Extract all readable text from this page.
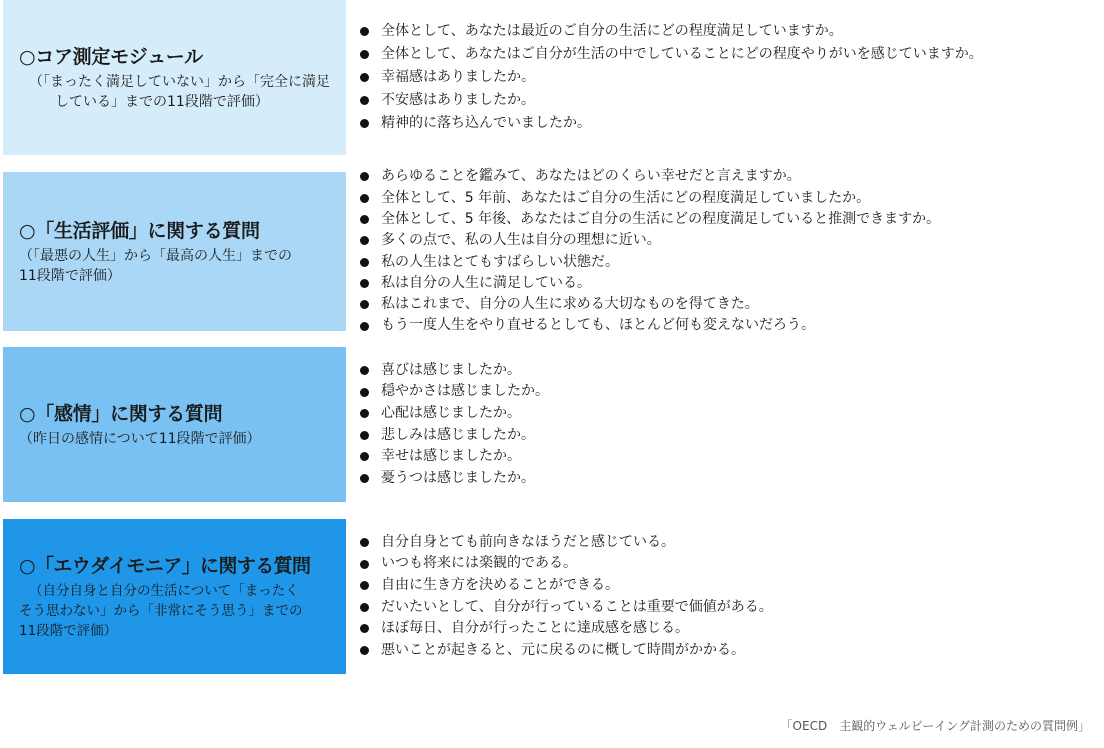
○コア測定モジュール
（「まったく満足していない」から「完全に満足
している」までの11段階で評価）
全体として、あなたは最近のご自分の生活にどの程度満足していますか。
全体として、あなたはご自分が生活の中でしていることにどの程度やりがいを感じていますか。
幸福感はありましたか。
不安感はありましたか。
精神的に落ち込んでいましたか。
○「生活評価」に関する質問
（「最悪の人生」から「最高の人生」までの
11段階で評価）
あらゆることを鑑みて、あなたはどのくらい幸せだと言えますか。
全体として、5 年前、あなたはご自分の生活にどの程度満足していましたか。
全体として、5 年後、あなたはご自分の生活にどの程度満足していると推測できますか。
多くの点で、私の人生は自分の理想に近い。
私の人生はとてもすばらしい状態だ。
私は自分の人生に満足している。
私はこれまで、自分の人生に求める大切なものを得てきた。
もう一度人生をやり直せるとしても、ほとんど何も変えないだろう。
○「感情」に関する質問
（昨日の感情について11段階で評価）
喜びは感じましたか。
穏やかさは感じましたか。
心配は感じましたか。
悲しみは感じましたか。
幸せは感じましたか。
憂うつは感じましたか。
○「エウダイモニア」に関する質問
（自分自身と自分の生活について「まったく
そう思わない」から「非常にそう思う」までの
11段階で評価）
自分自身とても前向きなほうだと感じている。
いつも将来には楽観的である。
自由に生き方を決めることができる。
だいたいとして、自分が行っていることは重要で価値がある。
ほぼ毎日、自分が行ったことに達成感を感じる。
悪いことが起きると、元に戻るのに概して時間がかかる。
「OECD　主観的ウェルビーイング計測のための質問例」
